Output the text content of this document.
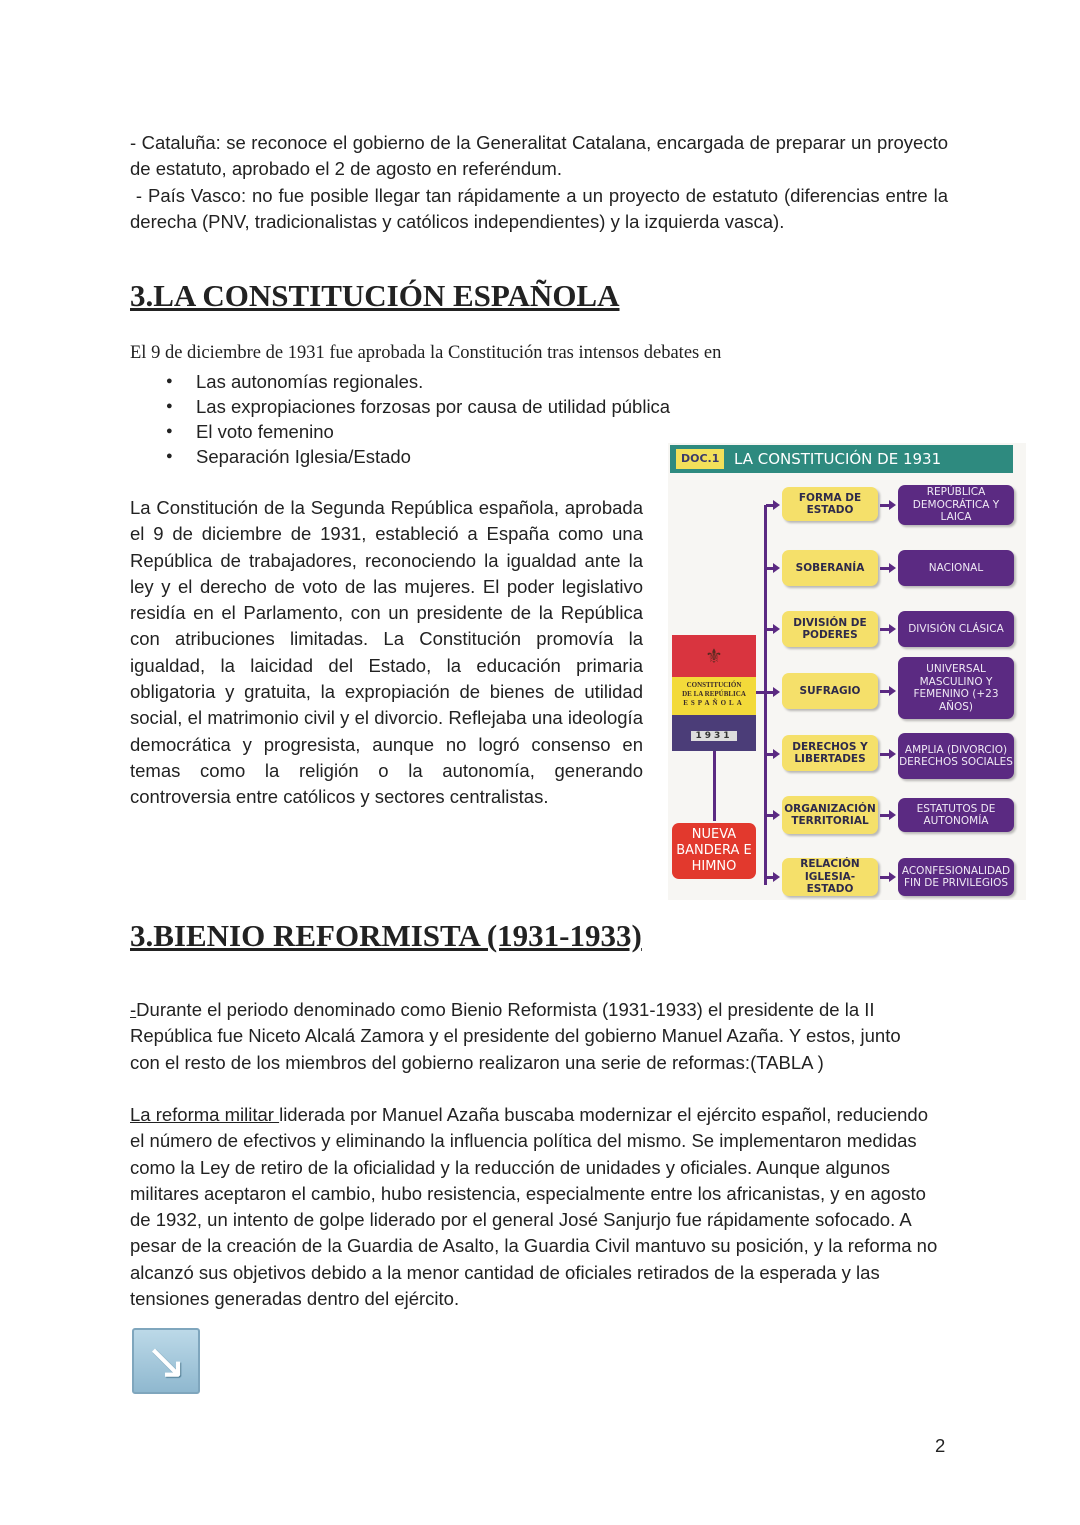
- Cataluña: se reconoce el gobierno de la Generalitat Catalana, encargada de preparar un proyecto de estatuto, aprobado el 2 de agosto en referéndum.
- País Vasco: no fue posible llegar tan rápidamente a un proyecto de estatuto (diferencias entre la derecha (PNV, tradicionalistas y católicos independientes) y la izquierda vasca).
3.LA CONSTITUCIÓN ESPAÑOLA
El 9 de diciembre de 1931 fue aprobada la Constitución tras intensos debates en
● Las autonomías regionales.
● Las expropiaciones forzosas por causa de utilidad pública
● El voto femenino
● Separación Iglesia/Estado
La Constitución de la Segunda República española, aprobada el 9 de diciembre de 1931, estableció a España como una República de trabajadores, reconociendo la igualdad ante la ley y el derecho de voto de las mujeres. El poder legislativo residía en el Parlamento, con un presidente de la República con atribuciones limitadas. La Constitución promovía la igualdad, la laicidad del Estado, la educación primaria obligatoria y gratuita, la expropiación de bienes de utilidad social, el matrimonio civil y el divorcio. Reflejaba una ideología democrática y progresista, aunque no logró consenso en temas como la religión o la autonomía, generando controversia entre católicos y sectores centralistas.
DOC.1 LA CONSTITUCIÓN DE 1931
⚜
CONSTITUCIÓN
DE LA REPÚBLICA
ESPAÑOLA
1931
NUEVA BANDERA E HIMNO
FORMA DE ESTADO
REPÚBLICA DEMOCRÁTICA Y LAICA
SOBERANÍA	NACIONAL
DIVISIÓN DE PODERES
DIVISIÓN CLÁSICA
SUFRAGIO
UNIVERSAL MASCULINO Y FEMENINO (+23 AÑOS)
DERECHOS Y LIBERTADES
AMPLIA (DIVORCIO) DERECHOS SOCIALES
ORGANIZACIÓN TERRITORIAL
ESTATUTOS DE AUTONOMÍA
RELACIÓN IGLESIA-ESTADO
ACONFESIONALIDAD FIN DE PRIVILEGIOS
3.BIENIO REFORMISTA (1931-1933)
-Durante el periodo denominado como Bienio Reformista (1931-1933) el presidente de la II República fue Niceto Alcalá Zamora y el presidente del gobierno Manuel Azaña. Y estos, junto con el resto de los miembros del gobierno realizaron una serie de reformas:(TABLA )
La reforma militar liderada por Manuel Azaña buscaba modernizar el ejército español, reduciendo el número de efectivos y eliminando la influencia política del mismo. Se implementaron medidas como la Ley de retiro de la oficialidad y la reducción de unidades y oficiales. Aunque algunos militares aceptaron el cambio, hubo resistencia, especialmente entre los africanistas, y en agosto de 1932, un intento de golpe liderado por el general José Sanjurjo fue rápidamente sofocado. A pesar de la creación de la Guardia de Asalto, la Guardia Civil mantuvo su posición, y la reforma no alcanzó sus objetivos debido a la menor cantidad de oficiales retirados de la esperada y las tensiones generadas dentro del ejército.
↘
2
